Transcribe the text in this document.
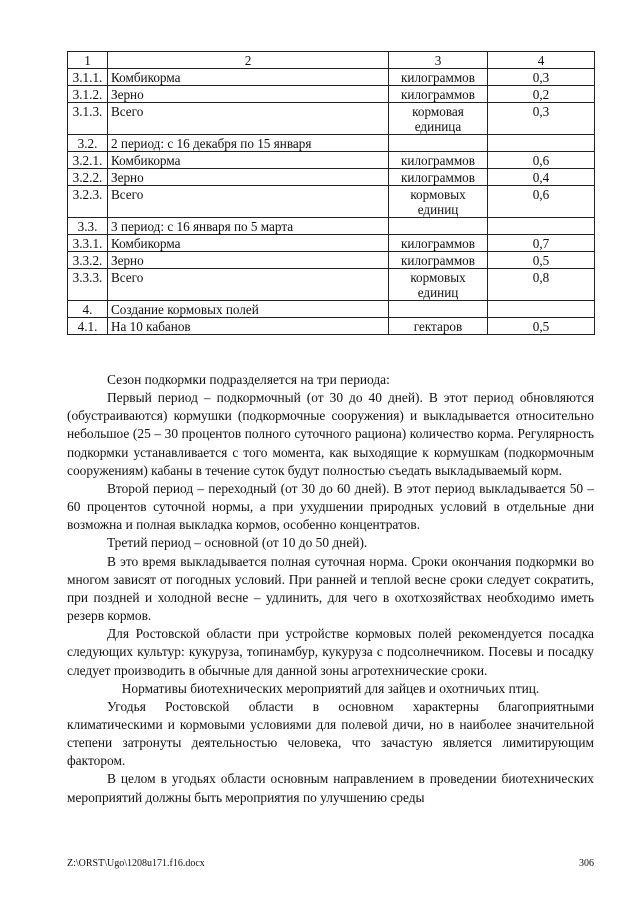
1	2	3	4
3.1.1.	Комбикорма	килограммов	0,3
3.1.2.	Зерно	килограммов	0,2
3.1.3.	Всего	кормовая единица	0,3
3.2.	2 период: с 16 декабря по 15 января		
3.2.1.	Комбикорма	килограммов	0,6
3.2.2.	Зерно	килограммов	0,4
3.2.3.	Всего	кормовых единиц	0,6
3.3.	3 период: с 16 января по 5 марта		
3.3.1.	Комбикорма	килограммов	0,7
3.3.2.	Зерно	килограммов	0,5
3.3.3.	Всего	кормовых единиц	0,8
4.	Создание кормовых полей		
4.1.	На 10 кабанов	гектаров	0,5

Сезон подкормки подразделяется на три периода:

Первый период – подкормочный (от 30 до 40 дней). В этот период обновляются (обустраиваются) кормушки (подкормочные сооружения) и выкладывается относительно небольшое (25 – 30 процентов полного суточного рациона) количество корма. Регулярность подкормки устанавливается с того момента, как выходящие к кормушкам (подкормочным сооружениям) кабаны в течение суток будут полностью съедать выкладываемый корм.

Второй период – переходный (от 30 до 60 дней). В этот период выкладывается 50 – 60 процентов суточной нормы, а при ухудшении природных условий в отдельные дни возможна и полная выкладка кормов, особенно концентратов.

Третий период – основной (от 10 до 50 дней).

В это время выкладывается полная суточная норма. Сроки окончания подкормки во многом зависят от погодных условий. При ранней и теплой весне сроки следует сократить, при поздней и холодной весне – удлинить, для чего в охотхозяйствах необходимо иметь резерв кормов.

Для Ростовской области при устройстве кормовых полей рекомендуется посадка следующих культур: кукуруза, топинамбур, кукуруза с подсолнечником. Посевы и посадку следует производить в обычные для данной зоны агротехнические сроки.

Нормативы биотехнических мероприятий для зайцев и охотничьих птиц.

Угодья Ростовской области в основном характерны благоприятными климатическими и кормовыми условиями для полевой дичи, но в наиболее значительной степени затронуты деятельностью человека, что зачастую является лимитирующим фактором.

В целом в угодьях области основным направлением в проведении биотехнических мероприятий должны быть мероприятия по улучшению среды

Z:\ORST\Ugo\1208u171.f16.docx	306
